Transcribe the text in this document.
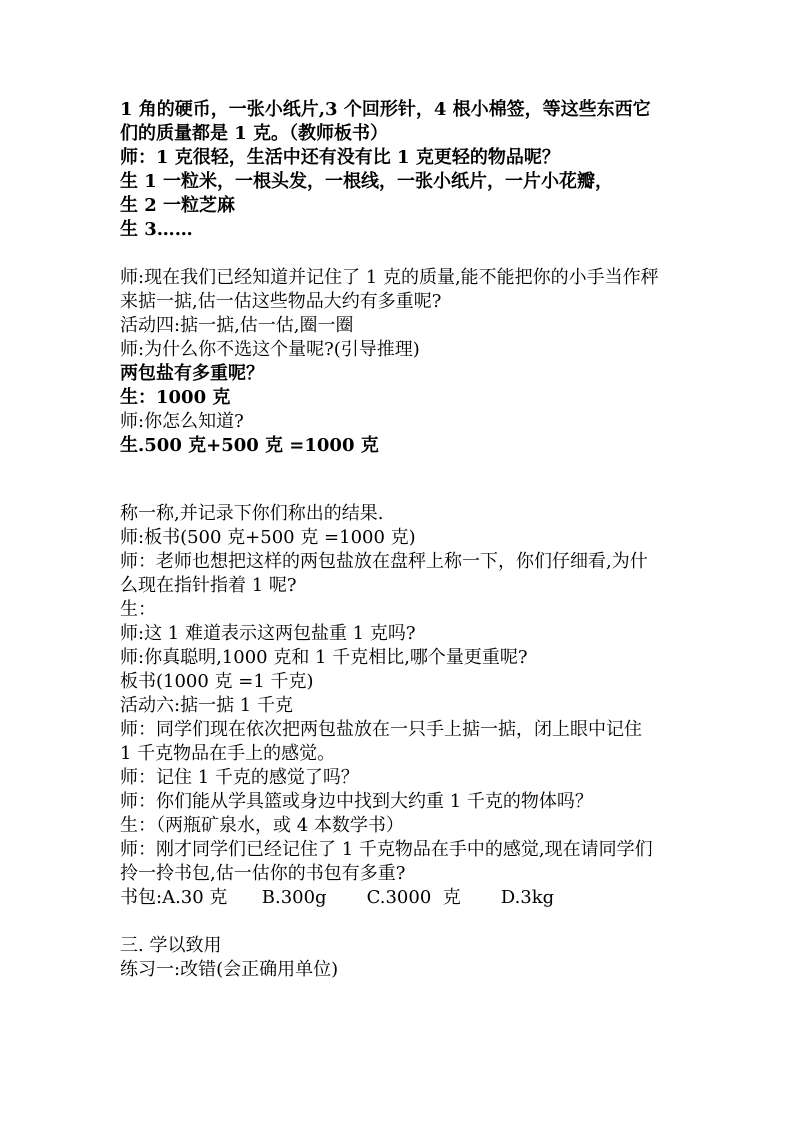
1 角的硬币，一张小纸片,3 个回形针，4 根小棉签，等这些东西它
们的质量都是 1 克。（教师板书）
师：1 克很轻，生活中还有没有比 1 克更轻的物品呢？
生 1 一粒米，一根头发，一根线，一张小纸片，一片小花瓣，
生 2 一粒芝麻
生 3……
师:现在我们已经知道并记住了 1 克的质量,能不能把你的小手当作秤
来掂一掂,估一估这些物品大约有多重呢?
活动四:掂一掂,估一估,圈一圈
师:为什么你不选这个量呢?(引导推理)
两包盐有多重呢？
生：1000 克
师:你怎么知道?
生.500 克+500 克 =1000 克
称一称,并记录下你们称出的结果.
师:板书(500 克+500 克 =1000 克)
师：老师也想把这样的两包盐放在盘秤上称一下，你们仔细看,为什
么现在指针指着 1 呢?
生：
师:这 1 难道表示这两包盐重 1 克吗?
师:你真聪明,1000 克和 1 千克相比,哪个量更重呢?
板书(1000 克 =1 千克)
活动六:掂一掂 1 千克
师：同学们现在依次把两包盐放在一只手上掂一掂，闭上眼中记住
1 千克物品在手上的感觉。
师：记住 1 千克的感觉了吗？
师：你们能从学具篮或身边中找到大约重 1 千克的物体吗？
生：（两瓶矿泉水，或 4 本数学书）
师：刚才同学们已经记住了 1 千克物品在手中的感觉,现在请同学们
拎一拎书包,估一估你的书包有多重?
书包:A.30 克      B.300g       C.3000  克       D.3kg
三. 学以致用
练习一:改错(会正确用单位)
